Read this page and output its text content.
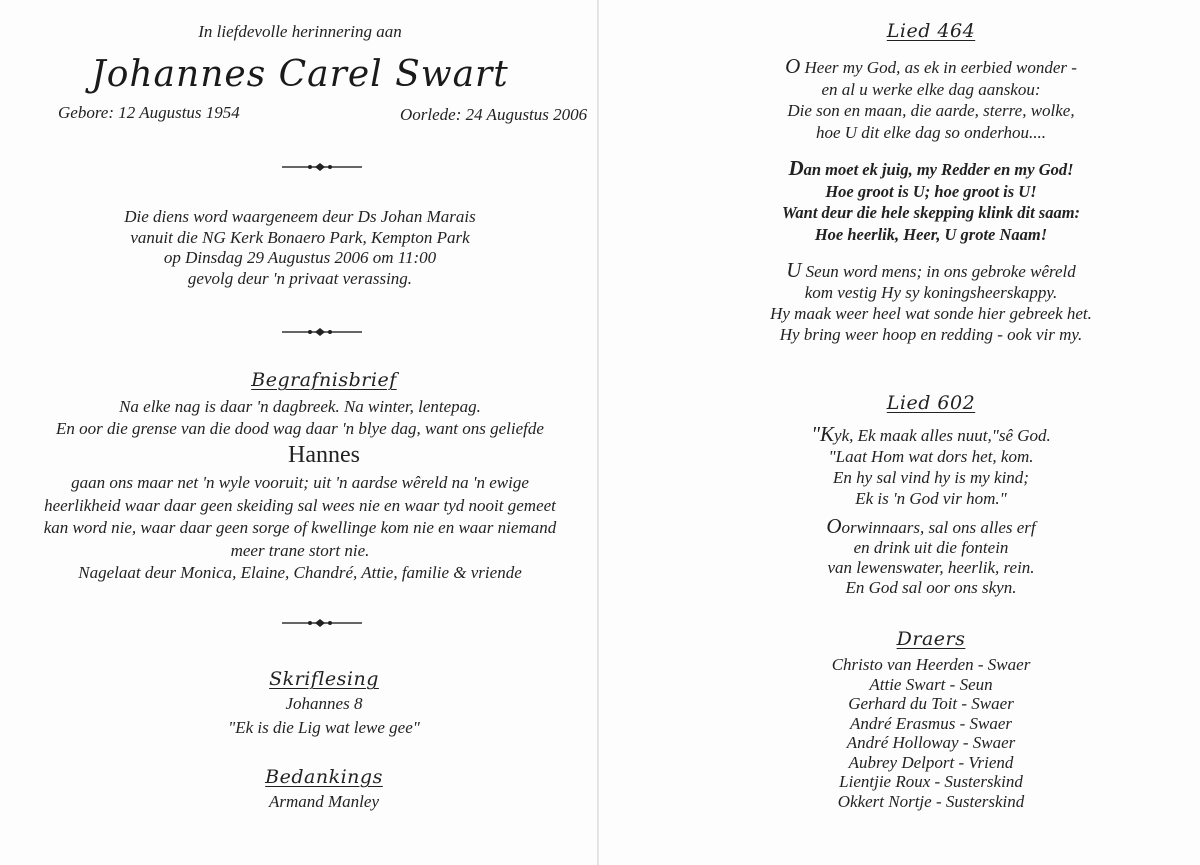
In liefdevolle herinnering aan
Johannes Carel Swart
Gebore: 12 Augustus 1954	Oorlede: 24 Augustus 2006
Die diens word waargeneem deur Ds Johan Marais
vanuit die NG Kerk Bonaero Park, Kempton Park
op Dinsdag 29 Augustus 2006 om 11:00
gevolg deur 'n privaat verassing.
Begrafnisbrief
Na elke nag is daar 'n dagbreek. Na winter, lentepag.
En oor die grense van die dood wag daar 'n blye dag, want ons geliefde
Hannes
gaan ons maar net 'n wyle vooruit; uit 'n aardse wêreld na 'n ewige
heerlikheid waar daar geen skeiding sal wees nie en waar tyd nooit gemeet
kan word nie, waar daar geen sorge of kwellinge kom nie en waar niemand
meer trane stort nie.
Nagelaat deur Monica, Elaine, Chandré, Attie, familie & vriende
Skriflesing
Johannes 8
"Ek is die Lig wat lewe gee"
Bedankings
Armand Manley
Lied 464
O Heer my God, as ek in eerbied wonder -
en al u werke elke dag aanskou:
Die son en maan, die aarde, sterre, wolke,
hoe U dit elke dag so onderhou....
Dan moet ek juig, my Redder en my God!
Hoe groot is U; hoe groot is U!
Want deur die hele skepping klink dit saam:
Hoe heerlik, Heer, U grote Naam!
U Seun word mens; in ons gebroke wêreld
kom vestig Hy sy koningsheerskappy.
Hy maak weer heel wat sonde hier gebreek het.
Hy bring weer hoop en redding - ook vir my.
Lied 602
"Kyk, Ek maak alles nuut,"sê God.
"Laat Hom wat dors het, kom.
En hy sal vind hy is my kind;
Ek is 'n God vir hom."
Oorwinnaars, sal ons alles erf
en drink uit die fontein
van lewenswater, heerlik, rein.
En God sal oor ons skyn.
Draers
Christo van Heerden - Swaer
Attie Swart - Seun
Gerhard du Toit - Swaer
André Erasmus - Swaer
André Holloway - Swaer
Aubrey Delport - Vriend
Lientjie Roux - Susterskind
Okkert Nortje - Susterskind
